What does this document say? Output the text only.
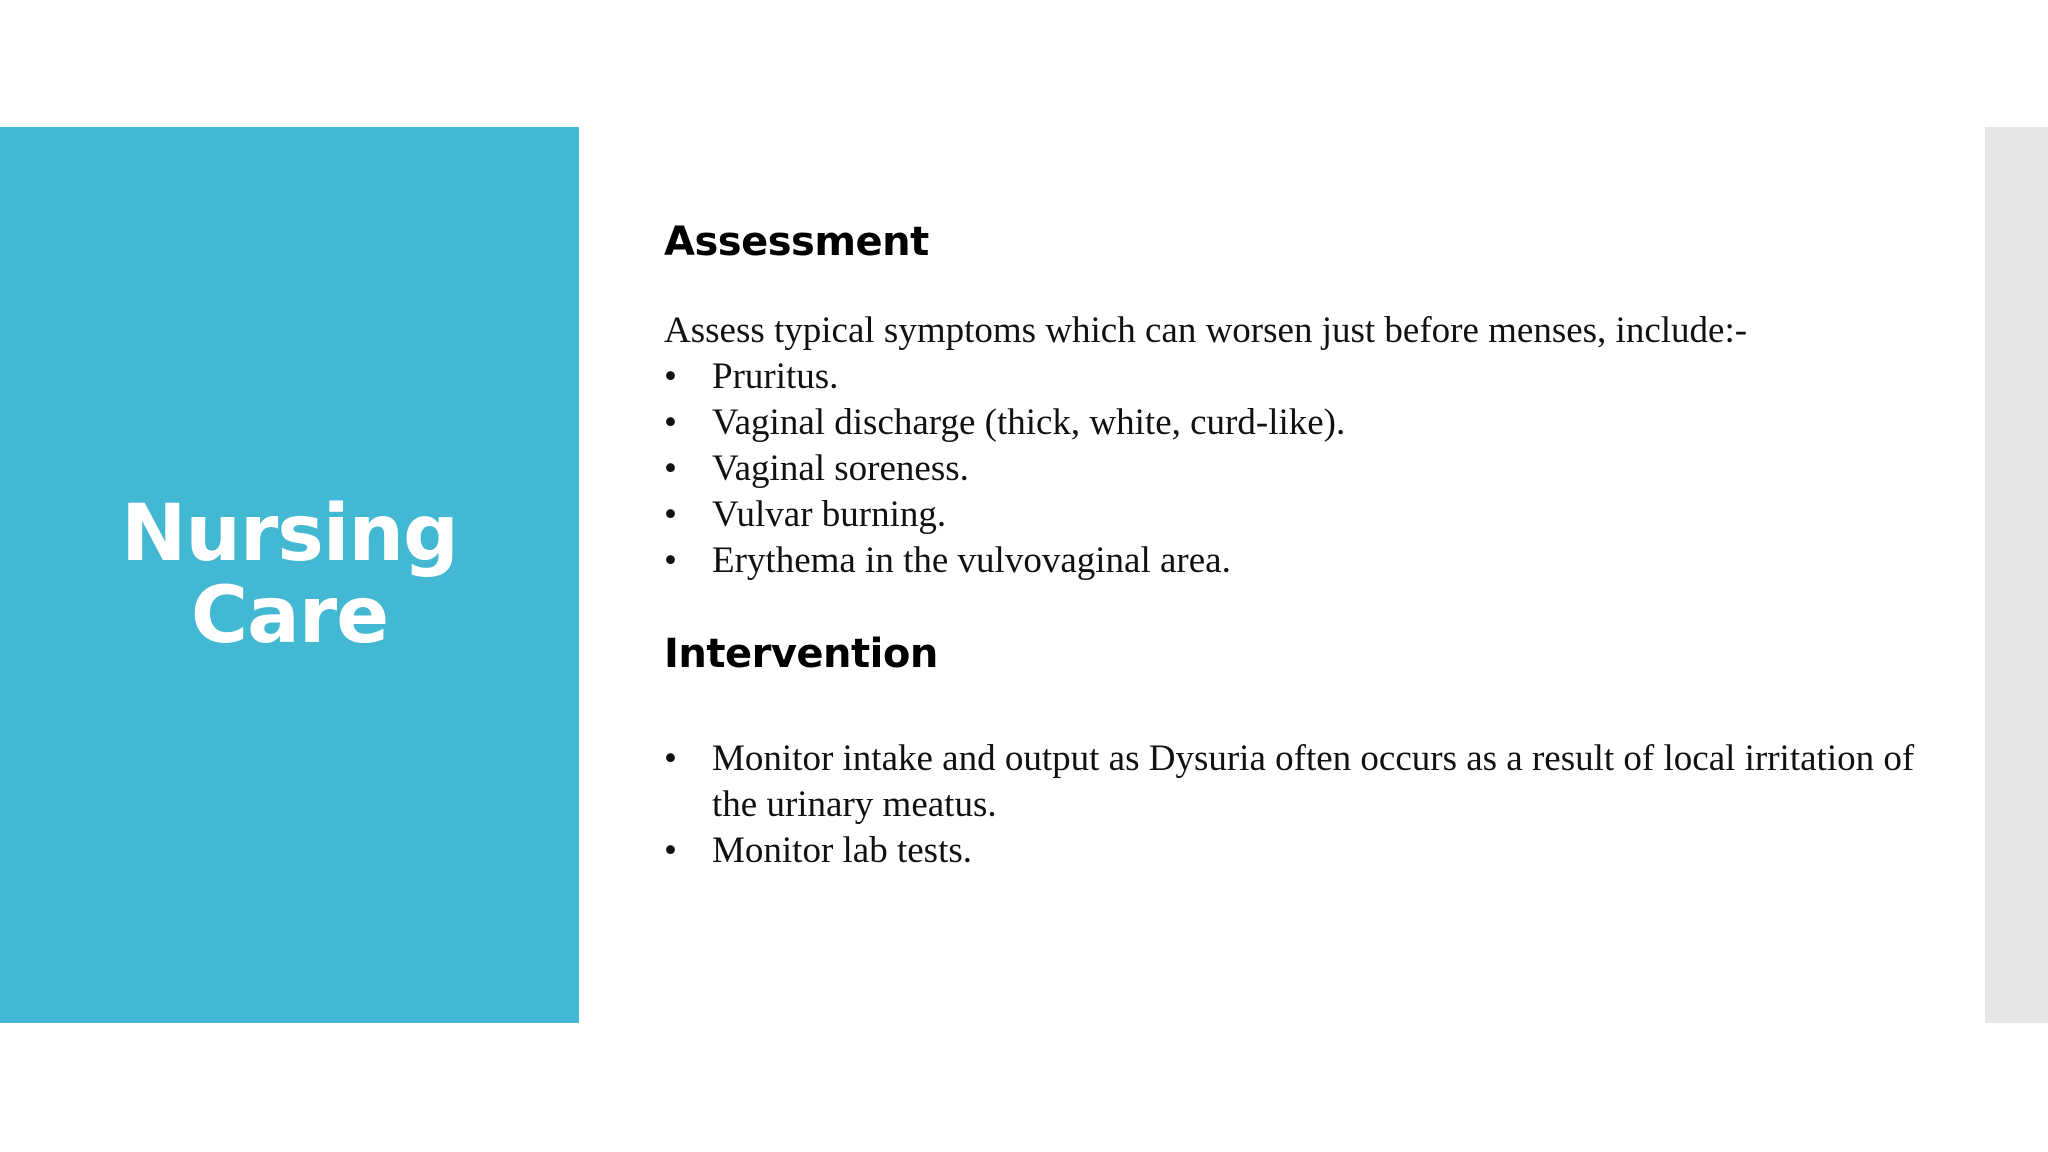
Nursing
Care
Assessment

Assess typical symptoms which can worsen just before menses, include:-

• Pruritus.
• Vaginal discharge (thick, white, curd-like).
• Vaginal soreness.
• Vulvar burning.
• Erythema in the vulvovaginal area.
Intervention
• Monitor intake and output as Dysuria often occurs as a result of local irritation of the urinary meatus.
• Monitor lab tests.
